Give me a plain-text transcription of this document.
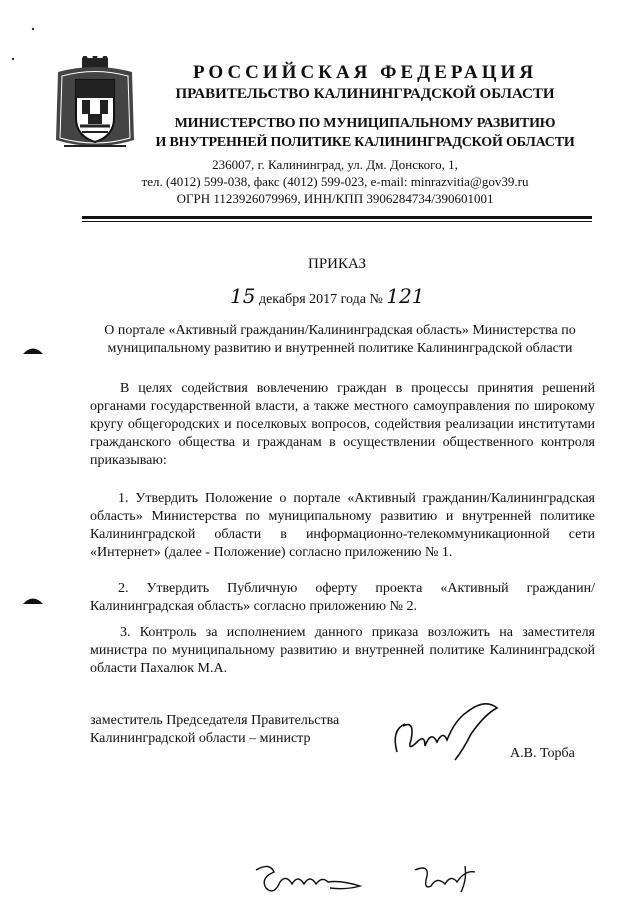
РОССИЙСКАЯ ФЕДЕРАЦИЯ
ПРАВИТЕЛЬСТВО КАЛИНИНГРАДСКОЙ ОБЛАСТИ
МИНИСТЕРСТВО ПО МУНИЦИПАЛЬНОМУ РАЗВИТИЮ
И ВНУТРЕННЕЙ ПОЛИТИКЕ КАЛИНИНГРАДСКОЙ ОБЛАСТИ
236007, г. Калининград, ул. Дм. Донского, 1,
тел. (4012) 599-038, факс (4012) 599-023, e-mail: minrazvitia@gov39.ru
ОГРН 1123926079969, ИНН/КПП 3906284734/390601001
ПРИКАЗ
15 декабря 2017 года № 121
О портале «Активный гражданин/Калининградская область» Министерства по муниципальному развитию и внутренней политике Калининградской области
В целях содействия вовлечению граждан в процессы принятия решений органами государственной власти, а также местного самоуправления по широкому кругу общегородских и поселковых вопросов, содействия реализации институтами гражданского общества и гражданам в осуществлении общественного контроля приказываю:
1. Утвердить Положение о портале «Активный гражданин/Калининградская область» Министерства по муниципальному развитию и внутренней политике Калининградской области в информационно-телекоммуникационной сети «Интернет» (далее - Положение) согласно приложению № 1.
2. Утвердить Публичную оферту проекта «Активный гражданин/Калининградская область» согласно приложению № 2.
3. Контроль за исполнением данного приказа возложить на заместителя министра по муниципальному развитию и внутренней политике Калининградской области Пахалюк М.А.
заместитель Председателя Правительства
Калининградской области – министр
А.В. Торба
